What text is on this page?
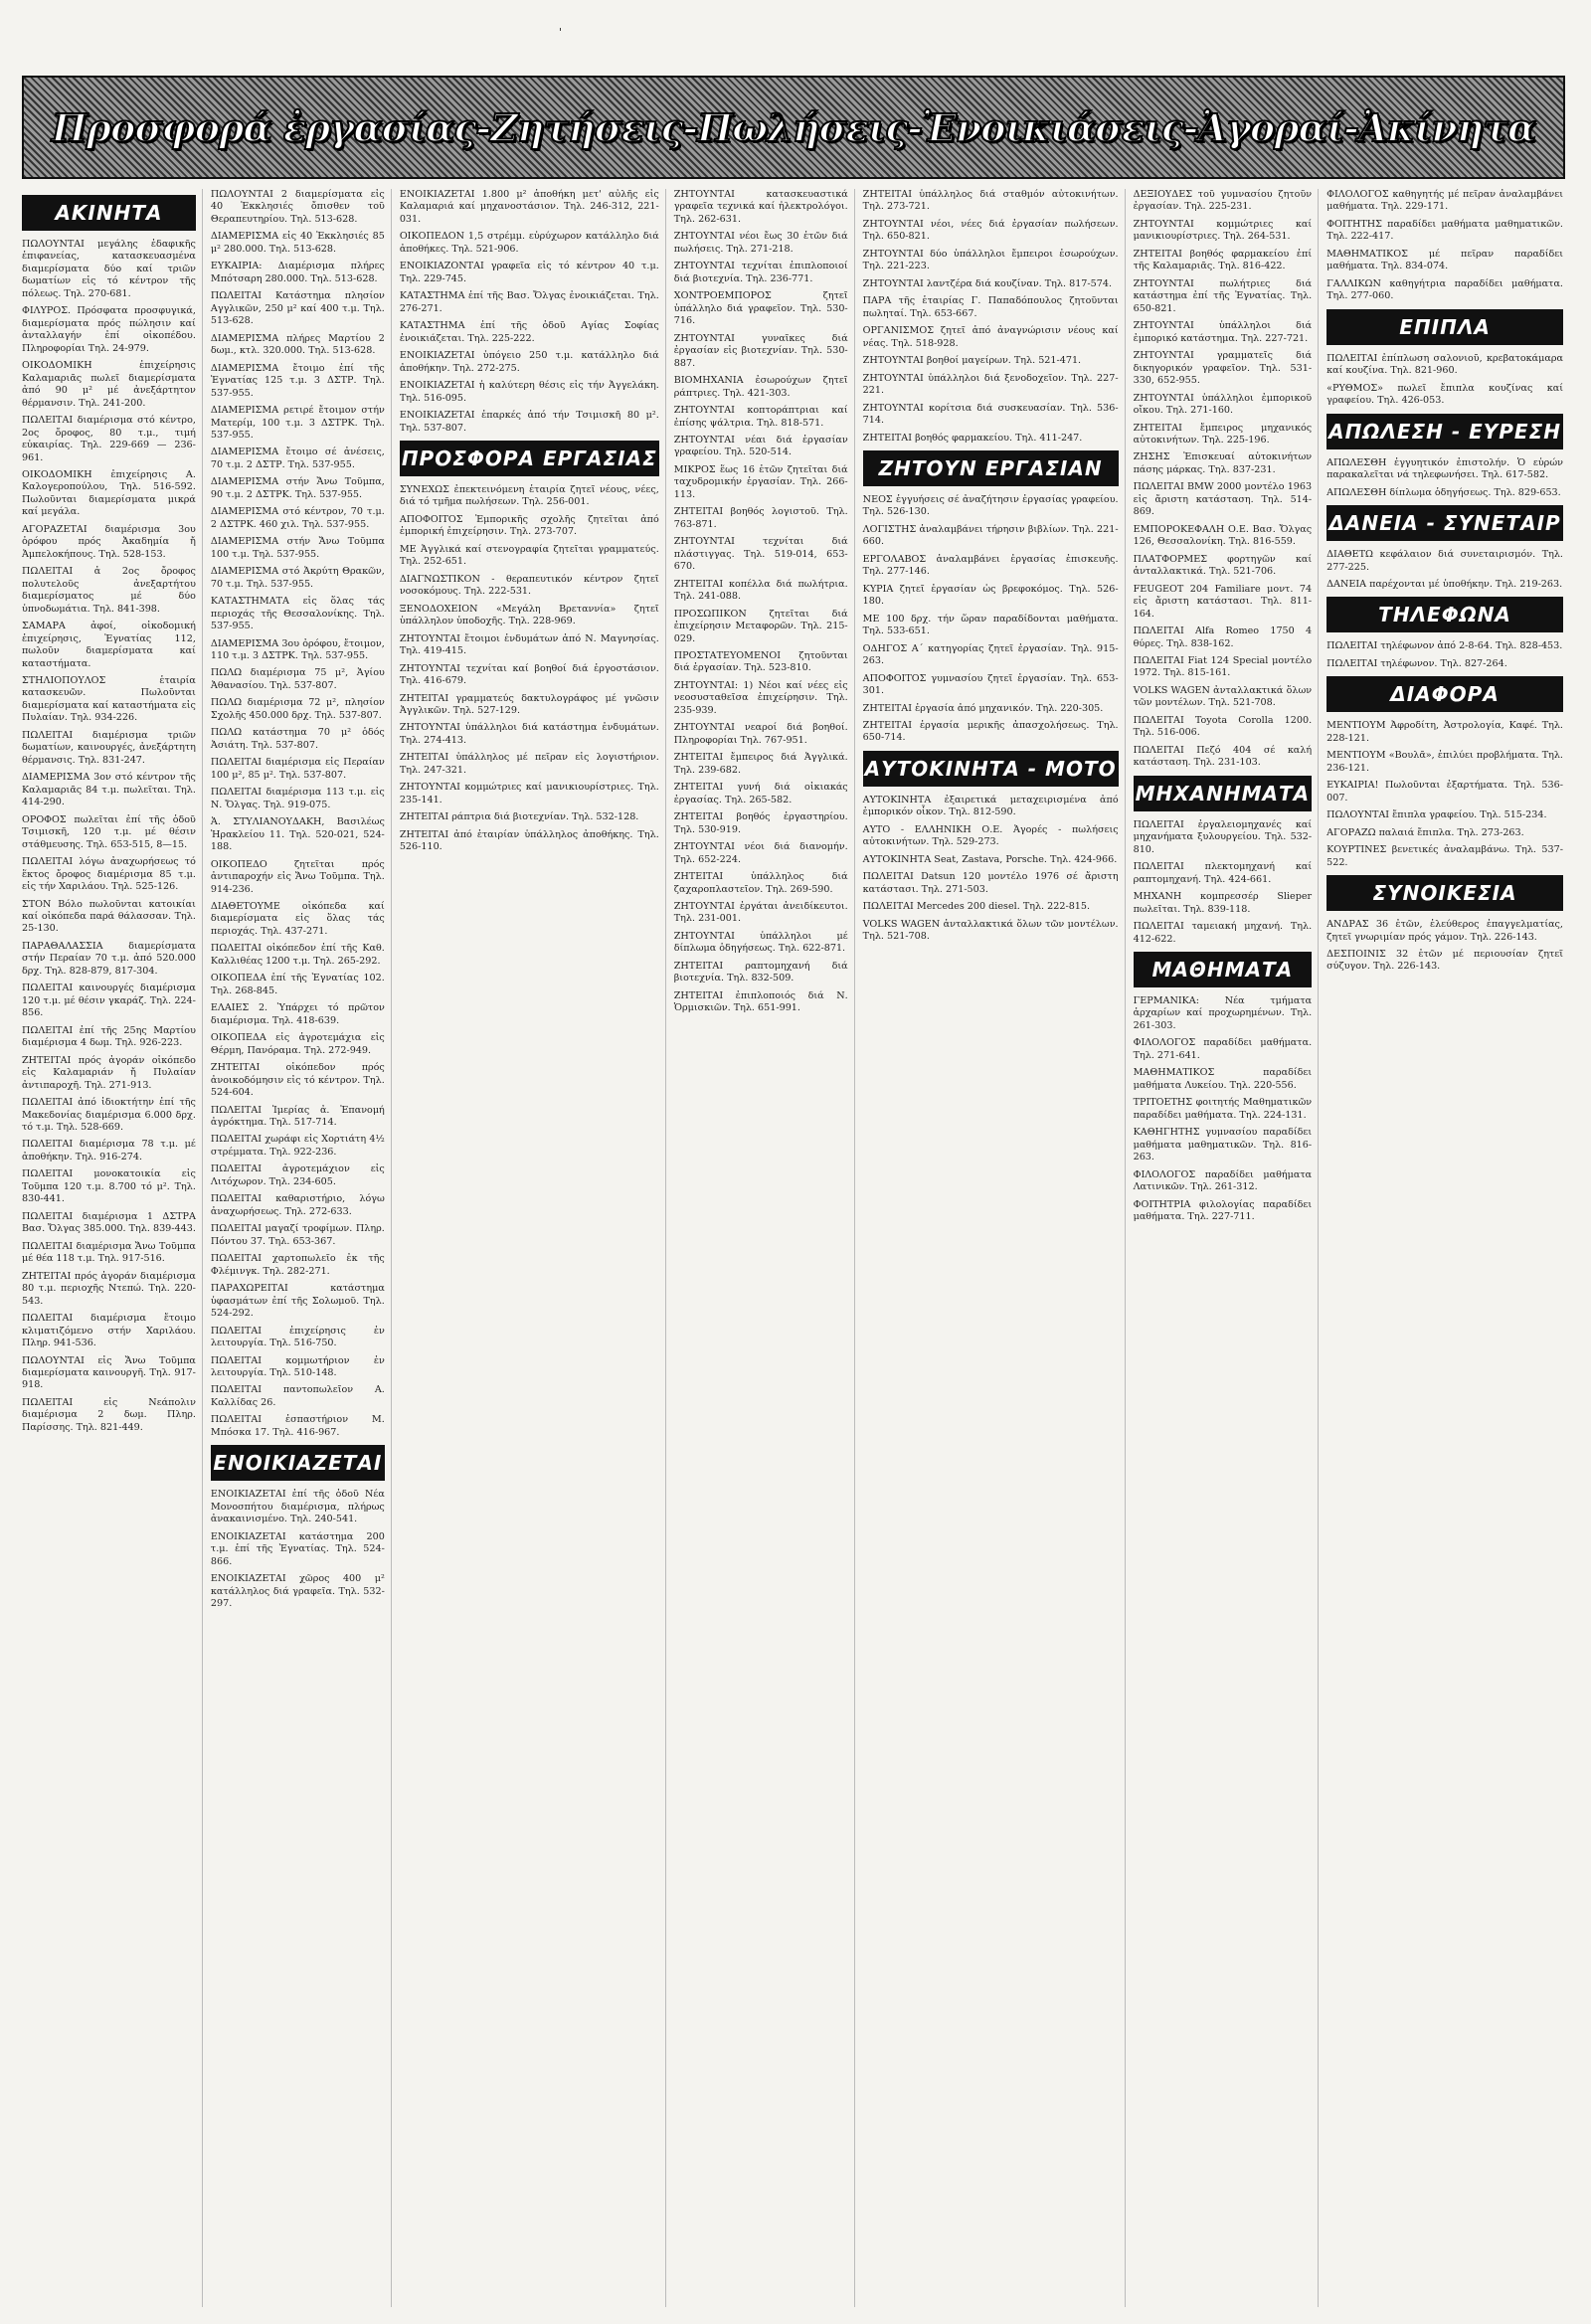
'
Προσφορά ἐργασίας-Ζητήσεις-Πωλήσεις-Ἐνοικιάσεις-Ἀγοραί-Ἀκίνητα
ΑΚΙΝΗΤΑ

ΠΩΛΟΥΝΤΑΙ μεγάλης ἐδαφικῆς ἐπιφανείας, κατασκευασμένα διαμερίσματα δύο καί τριῶν δωματίων εἰς τό κέντρον τῆς πόλεως. Τηλ. 270-681.

ΦΙΛΥΡΟΣ. Πρόσφατα προσφυγικά, διαμερίσματα πρός πώλησιν καί ἀνταλλαγήν ἐπί οἰκοπέδου. Πληροφορίαι Τηλ. 24-979.

ΟΙΚΟΔΟΜΙΚΗ ἐπιχείρησις Καλαμαριᾶς πωλεῖ διαμερίσματα ἀπό 90 μ² μέ ἀνεξάρτητον θέρμανσιν. Τηλ. 241-200.

ΠΩΛΕΙΤΑΙ διαμέρισμα στό κέντρο, 2ος ὄροφος, 80 τ.μ., τιμή εὐκαιρίας. Τηλ. 229-669 — 236-961.

ΟΙΚΟΔΟΜΙΚΗ ἐπιχείρησις Α. Καλογεροπούλου, Τηλ. 516-592. Πωλοῦνται διαμερίσματα μικρά καί μεγάλα.

ΑΓΟΡΑΖΕΤΑΙ διαμέρισμα 3ου ὀρόφου πρός Ἀκαδημία ἤ Ἀμπελοκήπους. Τηλ. 528-153.

ΠΩΛΕΙΤΑΙ ἀ 2ος ὄροφος πολυτελοῦς ἀνεξαρτήτου διαμερίσματος μέ δύο ὑπνοδωμάτια. Τηλ. 841-398.

ΣΑΜΑΡΑ ἀφοί, οἰκοδομική ἐπιχείρησις, Ἐγνατίας 112, πωλοῦν διαμερίσματα καί καταστήματα.

ΣΤΗΛΙΟΠΟΥΛΟΣ ἑταιρία κατασκευῶν. Πωλοῦνται διαμερίσματα καί καταστήματα εἰς Πυλαίαν. Τηλ. 934-226.

ΠΩΛΕΙΤΑΙ διαμέρισμα τριῶν δωματίων, καινουργές, ἀνεξάρτητη θέρμανσις. Τηλ. 831-247.

ΔΙΑΜΕΡΙΣΜΑ 3ον στό κέντρον τῆς Καλαμαριᾶς 84 τ.μ. πωλεῖται. Τηλ. 414-290.

ΟΡΟΦΟΣ πωλεῖται ἐπί τῆς ὁδοῦ Τσιμισκῆ, 120 τ.μ. μέ θέσιν στάθμευσης. Τηλ. 653-515, 8—15.

ΠΩΛΕΙΤΑΙ λόγω ἀναχωρήσεως τό ἕκτος ὄροφος διαμέρισμα 85 τ.μ. εἰς τήν Χαριλάου. Τηλ. 525-126.

ΣΤΟΝ Βόλο πωλοῦνται κατοικίαι καί οἰκόπεδα παρά θάλασσαν. Τηλ. 25-130.

ΠΑΡΑΘΑΛΑΣΣΙΑ διαμερίσματα στήν Περαίαν 70 τ.μ. ἀπό 520.000 δρχ. Τηλ. 828-879, 817-304.

ΠΩΛΕΙΤΑΙ καινουργές διαμέρισμα 120 τ.μ. μέ θέσιν γκαράζ. Τηλ. 224-856.

ΠΩΛΕΙΤΑΙ ἐπί τῆς 25ης Μαρτίου διαμέρισμα 4 δωμ. Τηλ. 926-223.

ΖΗΤΕΙΤΑΙ πρός ἀγοράν οἰκόπεδο εἰς Καλαμαριάν ἤ Πυλαίαν ἀντιπαροχῆ. Τηλ. 271-913.

ΠΩΛΕΙΤΑΙ ἀπό ἰδιοκτήτην ἐπί τῆς Μακεδονίας διαμέρισμα 6.000 δρχ. τό τ.μ. Τηλ. 528-669.

ΠΩΛΕΙΤΑΙ διαμέρισμα 78 τ.μ. μέ ἀποθήκην. Τηλ. 916-274.

ΠΩΛΕΙΤΑΙ μονοκατοικία εἰς Τοῦμπα 120 τ.μ. 8.700 τό μ². Τηλ. 830-441.

ΠΩΛΕΙΤΑΙ διαμέρισμα 1 ΔΣΤΡΑ Βασ. Ὄλγας 385.000. Τηλ. 839-443.

ΠΩΛΕΙΤΑΙ διαμέρισμα Ἄνω Τοῦμπα μέ θέα 118 τ.μ. Τηλ. 917-516.

ΖΗΤΕΙΤΑΙ πρός ἀγοράν διαμέρισμα 80 τ.μ. περιοχῆς Ντεπώ. Τηλ. 220-543.

ΠΩΛΕΙΤΑΙ διαμέρισμα ἔτοιμο κλιματιζόμενο στήν Χαριλάου. Πληρ. 941-536.

ΠΩΛΟΥΝΤΑΙ εἰς Ἄνω Τοῦμπα διαμερίσματα καινουργῆ. Τηλ. 917-918.

ΠΩΛΕΙΤΑΙ εἰς Νεάπολιν διαμέρισμα 2 δωμ. Πληρ. Παρίσσης. Τηλ. 821-449.

ΠΩΛΟΥΝΤΑΙ 2 διαμερίσματα εἰς 40 Ἐκκλησιές ὄπισθεν τοῦ Θεραπευτηρίου. Τηλ. 513-628.

ΔΙΑΜΕΡΙΣΜΑ εἰς 40 Ἐκκλησιές 85 μ² 280.000. Τηλ. 513-628.

ΕΥΚΑΙΡΙΑ: Διαμέρισμα πλήρες Μπότσαρη 280.000. Τηλ. 513-628.

ΠΩΛΕΙΤΑΙ Κατάστημα πλησίον Αγγλικῶν, 250 μ² καί 400 τ.μ. Τηλ. 513-628.

ΔΙΑΜΕΡΙΣΜΑ πλήρες Μαρτίου 2 δωμ., κτλ. 320.000. Τηλ. 513-628.

ΔΙΑΜΕΡΙΣΜΑ ἔτοιμο ἐπί τῆς Ἐγνατίας 125 τ.μ. 3 ΔΣΤΡ. Τηλ. 537-955.

ΔΙΑΜΕΡΙΣΜΑ ρετιρέ ἔτοιμον στήν Ματερίμ, 100 τ.μ. 3 ΔΣΤΡΚ. Τηλ. 537-955.

ΔΙΑΜΕΡΙΣΜΑ ἔτοιμο σέ ἀνέσεις, 70 τ.μ. 2 ΔΣΤΡ. Τηλ. 537-955.

ΔΙΑΜΕΡΙΣΜΑ στήν Ἄνω Τοῦμπα, 90 τ.μ. 2 ΔΣΤΡΚ. Τηλ. 537-955.

ΔΙΑΜΕΡΙΣΜΑ στό κέντρον, 70 τ.μ. 2 ΔΣΤΡΚ. 460 χιλ. Τηλ. 537-955.

ΔΙΑΜΕΡΙΣΜΑ στήν Ἄνω Τοῦμπα 100 τ.μ. Τηλ. 537-955.

ΔΙΑΜΕΡΙΣΜΑ στό Ἀκρύτη Θρακῶν, 70 τ.μ. Τηλ. 537-955.

ΚΑΤΑΣΤΗΜΑΤΑ εἰς ὅλας τάς περιοχάς τῆς Θεσσαλονίκης. Τηλ. 537-955.

ΔΙΑΜΕΡΙΣΜΑ 3ου ὀρόφου, ἔτοιμον, 110 τ.μ. 3 ΔΣΤΡΚ. Τηλ. 537-955.

ΠΩΛΩ διαμέρισμα 75 μ², Ἁγίου Ἀθανασίου. Τηλ. 537-807.

ΠΩΛΩ διαμέρισμα 72 μ², πλησίον Σχολῆς 450.000 δρχ. Τηλ. 537-807.

ΠΩΛΩ κατάστημα 70 μ² ὁδός Ἀσιάτη. Τηλ. 537-807.

ΠΩΛΕΙΤΑΙ διαμέρισμα εἰς Περαίαν 100 μ², 85 μ². Τηλ. 537-807.

ΠΩΛΕΙΤΑΙ διαμέρισμα 113 τ.μ. εἰς Ν. Ὄλγας. Τηλ. 919-075.

Ἁ. ΣΤΥΛΙΑΝΟΥΔΑΚΗ, Βασιλέως Ἡρακλείου 11. Τηλ. 520-021, 524-188.

ΟΙΚΟΠΕΔΟ ζητεῖται πρός ἀντιπαροχήν εἰς Ἄνω Τοῦμπα. Τηλ. 914-236.

ΔΙΑΘΕΤΟΥΜΕ οἰκόπεδα καί διαμερίσματα εἰς ὅλας τάς περιοχάς. Τηλ. 437-271.

ΠΩΛΕΙΤΑΙ οἰκόπεδον ἐπί τῆς Καθ. Καλλιθέας 1200 τ.μ. Τηλ. 265-292.

ΟΙΚΟΠΕΔΑ ἐπί τῆς Ἐγνατίας 102. Τηλ. 268-845.

ΕΛΑΙΕΣ 2. Ὑπάρχει τό πρῶτον διαμέρισμα. Τηλ. 418-639.

ΟΙΚΟΠΕΔΑ εἰς ἀγροτεμάχια εἰς Θέρμη, Πανόραμα. Τηλ. 272-949.

ΖΗΤΕΙΤΑΙ οἰκόπεδον πρός ἀνοικοδόμησιν εἰς τό κέντρον. Τηλ. 524-604.

ΠΩΛΕΙΤΑΙ Ἱμερίας ἀ. Ἐπανομή ἀγρόκτημα. Τηλ. 517-714.

ΠΩΛΕΙΤΑΙ χωράφι εἰς Χορτιάτη 4½ στρέμματα. Τηλ. 922-236.

ΠΩΛΕΙΤΑΙ ἀγροτεμάχιον εἰς Λιτόχωρον. Τηλ. 234-605.

ΠΩΛΕΙΤΑΙ καθαριστήριο, λόγω ἀναχωρήσεως. Τηλ. 272-633.

ΠΩΛΕΙΤΑΙ μαγαζί τροφίμων. Πληρ. Πόντου 37. Τηλ. 653-367.

ΠΩΛΕΙΤΑΙ χαρτοπωλεῖο ἐκ τῆς Φλέμινγκ. Τηλ. 282-271.

ΠΑΡΑΧΩΡΕΙΤΑΙ κατάστημα ὑφασμάτων ἐπί τῆς Σολωμοῦ. Τηλ. 524-292.

ΠΩΛΕΙΤΑΙ ἐπιχείρησις ἐν λειτουργία. Τηλ. 516-750.

ΠΩΛΕΙΤΑΙ κομμωτήριον ἐν λειτουργία. Τηλ. 510-148.

ΠΩΛΕΙΤΑΙ παντοπωλεῖον Α. Καλλίδας 26.

ΠΩΛΕΙΤΑΙ ἐσπαστήριον Μ. Μπόσκα 17. Τηλ. 416-967.

ΕΝΟΙΚΙΑΖΕΤΑΙ

ΕΝΟΙΚΙΑΖΕΤΑΙ ἐπί τῆς ὁδοῦ Νέα Μονοσπήτου διαμέρισμα, πλήρως ἀνακαινισμένο. Τηλ. 240-541.

ΕΝΟΙΚΙΑΖΕΤΑΙ κατάστημα 200 τ.μ. ἐπί τῆς Ἐγνατίας. Τηλ. 524-866.

ΕΝΟΙΚΙΑΖΕΤΑΙ χῶρος 400 μ² κατάλληλος διά γραφεῖα. Τηλ. 532-297.

ΕΝΟΙΚΙΑΖΕΤΑΙ 1.800 μ² ἀποθήκη μετ' αὐλῆς εἰς Καλαμαριά καί μηχανοστάσιον. Τηλ. 246-312, 221-031.

ΟΙΚΟΠΕΔΟΝ 1,5 στρέμμ. εὐρύχωρον κατάλληλο διά ἀποθήκες. Τηλ. 521-906.

ΕΝΟΙΚΙΑΖΟΝΤΑΙ γραφεῖα εἰς τό κέντρον 40 τ.μ. Τηλ. 229-745.

ΚΑΤΑΣΤΗΜΑ ἐπί τῆς Βασ. Ὄλγας ἐνοικιάζεται. Τηλ. 276-271.

ΚΑΤΑΣΤΗΜΑ ἐπί τῆς ὁδοῦ Αγίας Σοφίας ἐνοικιάζεται. Τηλ. 225-222.

ΕΝΟΙΚΙΑΖΕΤΑΙ ὑπόγειο 250 τ.μ. κατάλληλο διά ἀποθήκην. Τηλ. 272-275.

ΕΝΟΙΚΙΑΖΕΤΑΙ ἡ καλύτερη θέσις εἰς τήν Ἀγγελάκη. Τηλ. 516-095.

ΕΝΟΙΚΙΑΖΕΤΑΙ ἐπαρκές ἀπό τήν Τσιμισκῆ 80 μ². Τηλ. 537-807.

ΠΡΟΣΦΟΡΑ ΕΡΓΑΣΙΑΣ

ΣΥΝΕΧΩΣ ἐπεκτεινόμενη ἑταιρία ζητεῖ νέους, νέες, διά τό τμῆμα πωλήσεων. Τηλ. 256-001.

ΑΠΟΦΟΙΤΟΣ Ἐμπορικῆς σχολῆς ζητεῖται ἀπό ἐμπορική ἐπιχείρησιν. Τηλ. 273-707.

ΜΕ Ἀγγλικά καί στενογραφία ζητεῖται γραμματεύς. Τηλ. 252-651.

ΔΙΑΓΝΩΣΤΙΚΟΝ - θεραπευτικόν κέντρον ζητεῖ νοσοκόμους. Τηλ. 222-531.

ΞΕΝΟΔΟΧΕΙΟΝ «Μεγάλη Βρεταννία» ζητεῖ ὑπάλληλον ὑποδοχῆς. Τηλ. 228-969.

ΖΗΤΟΥΝΤΑΙ ἔτοιμοι ἐνδυμάτων ἀπό Ν. Μαγνησίας. Τηλ. 419-415.

ΖΗΤΟΥΝΤΑΙ τεχνίται καί βοηθοί διά ἐργοστάσιον. Τηλ. 416-679.

ΖΗΤΕΙΤΑΙ γραμματεύς δακτυλογράφος μέ γνῶσιν Ἀγγλικῶν. Τηλ. 527-129.

ΖΗΤΟΥΝΤΑΙ ὑπάλληλοι διά κατάστημα ἐνδυμάτων. Τηλ. 274-413.

ΖΗΤΕΙΤΑΙ ὑπάλληλος μέ πεῖραν εἰς λογιστήριον. Τηλ. 247-321.

ΖΗΤΟΥΝΤΑΙ κομμώτριες καί μανικιουρίστριες. Τηλ. 235-141.

ΖΗΤΕΙΤΑΙ ράπτρια διά βιοτεχνίαν. Τηλ. 532-128.

ΖΗΤΕΙΤΑΙ ἀπό ἑταιρίαν ὑπάλληλος ἀποθήκης. Τηλ. 526-110.

ΖΗΤΟΥΝΤΑΙ κατασκευαστικά γραφεῖα τεχνικά καί ἠλεκτρολόγοι. Τηλ. 262-631.

ΖΗΤΟΥΝΤΑΙ νέοι ἔως 30 ἐτῶν διά πωλήσεις. Τηλ. 271-218.

ΖΗΤΟΥΝΤΑΙ τεχνίται ἐπιπλοποιοί διά βιοτεχνία. Τηλ. 236-771.

ΧΟΝΤΡΟΕΜΠΟΡΟΣ ζητεῖ ὑπάλληλο διά γραφεῖον. Τηλ. 530-716.

ΖΗΤΟΥΝΤΑΙ γυναῖκες διά ἐργασίαν εἰς βιοτεχνίαν. Τηλ. 530-887.

ΒΙΟΜΗΧΑΝΙΑ ἐσωρούχων ζητεῖ ράπτριες. Τηλ. 421-303.

ΖΗΤΟΥΝΤΑΙ κοπτοράπτριαι καί ἐπίσης ψάλτρια. Τηλ. 818-571.

ΖΗΤΟΥΝΤΑΙ νέαι διά ἐργασίαν γραφείου. Τηλ. 520-514.

ΜΙΚΡΟΣ ἕως 16 ἐτῶν ζητεῖται διά ταχυδρομικήν ἐργασίαν. Τηλ. 266-113.

ΖΗΤΕΙΤΑΙ βοηθός λογιστοῦ. Τηλ. 763-871.

ΖΗΤΟΥΝΤΑΙ τεχνίται διά πλάστιγγας. Τηλ. 519-014, 653-670.

ΖΗΤΕΙΤΑΙ κοπέλλα διά πωλήτρια. Τηλ. 241-088.

ΠΡΟΣΩΠΙΚΟΝ ζητεῖται διά ἐπιχείρησιν Μεταφορῶν. Τηλ. 215-029.

ΠΡΟΣΤΑΤΕΥΟΜΕΝΟΙ ζητοῦνται διά ἐργασίαν. Τηλ. 523-810.

ΖΗΤΟΥΝΤΑΙ: 1) Νέοι καί νέες εἰς νεοσυσταθεῖσα ἐπιχείρησιν. Τηλ. 235-939.

ΖΗΤΟΥΝΤΑΙ νεαροί διά βοηθοί. Πληροφορίαι Τηλ. 767-951.

ΖΗΤΕΙΤΑΙ ἔμπειρος διά Ἀγγλικά. Τηλ. 239-682.

ΖΗΤΕΙΤΑΙ γυνή διά οἰκιακάς ἐργασίας. Τηλ. 265-582.

ΖΗΤΕΙΤΑΙ βοηθός ἐργαστηρίου. Τηλ. 530-919.

ΖΗΤΟΥΝΤΑΙ νέοι διά διανομήν. Τηλ. 652-224.

ΖΗΤΕΙΤΑΙ ὑπάλληλος διά ζαχαροπλαστεῖον. Τηλ. 269-590.

ΖΗΤΟΥΝΤΑΙ ἐργάται ἀνειδίκευτοι. Τηλ. 231-001.

ΖΗΤΟΥΝΤΑΙ ὑπάλληλοι μέ δίπλωμα ὁδηγήσεως. Τηλ. 622-871.

ΖΗΤΕΙΤΑΙ ραπτομηχανή διά βιοτεχνία. Τηλ. 832-509.

ΖΗΤΕΙΤΑΙ ἐπιπλοποιός διά Ν. Ὁρμισκιῶν. Τηλ. 651-991.

ΖΗΤΕΙΤΑΙ ὑπάλληλος διά σταθμόν αὐτοκινήτων. Τηλ. 273-721.

ΖΗΤΟΥΝΤΑΙ νέοι, νέες διά ἐργασίαν πωλήσεων. Τηλ. 650-821.

ΖΗΤΟΥΝΤΑΙ δύο ὑπάλληλοι ἔμπειροι ἐσωρούχων. Τηλ. 221-223.

ΖΗΤΟΥΝΤΑΙ λαντζέρα διά κουζίναν. Τηλ. 817-574.

ΠΑΡΑ τῆς ἑταιρίας Γ. Παπαδόπουλος ζητοῦνται πωληταί. Τηλ. 653-667.

ΟΡΓΑΝΙΣΜΟΣ ζητεῖ ἀπό ἀναγνώρισιν νέους καί νέας. Τηλ. 518-928.

ΖΗΤΟΥΝΤΑΙ βοηθοί μαγείρων. Τηλ. 521-471.

ΖΗΤΟΥΝΤΑΙ ὑπάλληλοι διά ξενοδοχεῖον. Τηλ. 227-221.

ΖΗΤΟΥΝΤΑΙ κορίτσια διά συσκευασίαν. Τηλ. 536-714.

ΖΗΤΕΙΤΑΙ βοηθός φαρμακείου. Τηλ. 411-247.

ΖΗΤΟΥΝ ΕΡΓΑΣΙΑΝ

ΝΕΟΣ ἐγγυήσεις σέ ἀναζήτησιν ἐργασίας γραφείου. Τηλ. 526-130.

ΛΟΓΙΣΤΗΣ ἀναλαμβάνει τήρησιν βιβλίων. Τηλ. 221-660.

ΕΡΓΟΛΑΒΟΣ ἀναλαμβάνει ἐργασίας ἐπισκευῆς. Τηλ. 277-146.

ΚΥΡΙΑ ζητεῖ ἐργασίαν ὡς βρεφοκόμος. Τηλ. 526-180.

ΜΕ 100 δρχ. τήν ὥραν παραδίδονται μαθήματα. Τηλ. 533-651.

ΟΔΗΓΟΣ Α΄ κατηγορίας ζητεῖ ἐργασίαν. Τηλ. 915-263.

ΑΠΟΦΟΙΤΟΣ γυμνασίου ζητεῖ ἐργασίαν. Τηλ. 653-301.

ΖΗΤΕΙΤΑΙ ἐργασία ἀπό μηχανικόν. Τηλ. 220-305.

ΖΗΤΕΙΤΑΙ ἐργασία μερικῆς ἀπασχολήσεως. Τηλ. 650-714.

ΑΥΤΟΚΙΝΗΤΑ - ΜΟΤΟ

ΑΥΤΟΚΙΝΗΤΑ ἐξαιρετικά μεταχειρισμένα ἀπό ἐμπορικόν οἶκον. Τηλ. 812-590.

ΑΥΤΟ - ΕΛΛΗΝΙΚΗ Ο.Ε. Ἀγορές - πωλήσεις αὐτοκινήτων. Τηλ. 529-273.

ΑΥΤΟΚΙΝΗΤΑ Seat, Zastava, Porsche. Τηλ. 424-966.

ΠΩΛΕΙΤΑΙ Datsun 120 μοντέλο 1976 σέ ἄριστη κατάστασι. Τηλ. 271-503.

ΠΩΛΕΙΤΑΙ Mercedes 200 diesel. Τηλ. 222-815.

VOLKS WAGEN ἀνταλλακτικά ὅλων τῶν μοντέλων. Τηλ. 521-708.

ΔΕΞΙΟΥΔΕΣ τοῦ γυμνασίου ζητοῦν ἐργασίαν. Τηλ. 225-231.

ΖΗΤΟΥΝΤΑΙ κομμώτριες καί μανικιουρίστριες. Τηλ. 264-531.

ΖΗΤΕΙΤΑΙ βοηθός φαρμακείου ἐπί τῆς Καλαμαριᾶς. Τηλ. 816-422.

ΖΗΤΟΥΝΤΑΙ πωλήτριες διά κατάστημα ἐπί τῆς Ἐγνατίας. Τηλ. 650-821.

ΖΗΤΟΥΝΤΑΙ ὑπάλληλοι διά ἐμπορικό κατάστημα. Τηλ. 227-721.

ΖΗΤΟΥΝΤΑΙ γραμματεῖς διά δικηγορικόν γραφεῖον. Τηλ. 531-330, 652-955.

ΖΗΤΟΥΝΤΑΙ ὑπάλληλοι ἐμπορικοῦ οἴκου. Τηλ. 271-160.

ΖΗΤΕΙΤΑΙ ἔμπειρος μηχανικός αὐτοκινήτων. Τηλ. 225-196.

ΖΗΣΗΣ Ἐπισκευαί αὐτοκινήτων πάσης μάρκας. Τηλ. 837-231.

ΠΩΛΕΙΤΑΙ BMW 2000 μοντέλο 1963 εἰς ἄριστη κατάσταση. Τηλ. 514-869.

ΕΜΠΟΡΟΚΕΦΑΛΗ Ο.Ε. Βασ. Ὄλγας 126, Θεσσαλονίκη. Τηλ. 816-559.

ΠΛΑΤΦΟΡΜΕΣ φορτηγῶν καί ἀνταλλακτικά. Τηλ. 521-706.

FEUGEOT 204 Familiare μοντ. 74 εἰς ἄριστη κατάστασι. Τηλ. 811-164.

ΠΩΛΕΙΤΑΙ Alfa Romeo 1750 4 θύρες. Τηλ. 838-162.

ΠΩΛΕΙΤΑΙ Fiat 124 Special μοντέλο 1972. Τηλ. 815-161.

VOLKS WAGEN ἀνταλλακτικά ὅλων τῶν μοντέλων. Τηλ. 521-708.

ΠΩΛΕΙΤΑΙ Toyota Corolla 1200. Τηλ. 516-006.

ΠΩΛΕΙΤΑΙ Πεζό 404 σέ καλή κατάσταση. Τηλ. 231-103.

ΜΗΧΑΝΗΜΑΤΑ

ΠΩΛΕΙΤΑΙ ἐργαλειομηχανές καί μηχανήματα ξυλουργείου. Τηλ. 532-810.

ΠΩΛΕΙΤΑΙ πλεκτομηχανή καί ραπτομηχανή. Τηλ. 424-661.

ΜΗΧΑΝΗ κομπρεσσέρ Slieper πωλεῖται. Τηλ. 839-118.

ΠΩΛΕΙΤΑΙ ταμειακή μηχανή. Τηλ. 412-622.

ΜΑΘΗΜΑΤΑ

ΓΕΡΜΑΝΙΚΑ: Νέα τμήματα ἀρχαρίων καί προχωρημένων. Τηλ. 261-303.

ΦΙΛΟΛΟΓΟΣ παραδίδει μαθήματα. Τηλ. 271-641.

ΜΑΘΗΜΑΤΙΚΟΣ παραδίδει μαθήματα Λυκείου. Τηλ. 220-556.

ΤΡΙΤΟΕΤΗΣ φοιτητής Μαθηματικῶν παραδίδει μαθήματα. Τηλ. 224-131.

ΚΑΘΗΓΗΤΗΣ γυμνασίου παραδίδει μαθήματα μαθηματικῶν. Τηλ. 816-263.

ΦΙΛΟΛΟΓΟΣ παραδίδει μαθήματα Λατινικῶν. Τηλ. 261-312.

ΦΟΙΤΗΤΡΙΑ φιλολογίας παραδίδει μαθήματα. Τηλ. 227-711.

ΦΙΛΟΛΟΓΟΣ καθηγητής μέ πεῖραν ἀναλαμβάνει μαθήματα. Τηλ. 229-171.

ΦΟΙΤΗΤΗΣ παραδίδει μαθήματα μαθηματικῶν. Τηλ. 222-417.

ΜΑΘΗΜΑΤΙΚΟΣ μέ πεῖραν παραδίδει μαθήματα. Τηλ. 834-074.

ΓΑΛΛΙΚΩΝ καθηγήτρια παραδίδει μαθήματα. Τηλ. 277-060.

ΕΠΙΠΛΑ

ΠΩΛΕΙΤΑΙ ἐπίπλωση σαλονιοῦ, κρεβατοκάμαρα καί κουζίνα. Τηλ. 821-960.

«ΡΥΘΜΟΣ» πωλεῖ ἔπιπλα κουζίνας καί γραφείου. Τηλ. 426-053.

ΑΠΩΛΕΣΗ - ΕΥΡΕΣΗ

ΑΠΩΛΕΣΘΗ ἐγγυητικόν ἐπιστολήν. Ὁ εὑρών παρακαλεῖται νά τηλεφωνήσει. Τηλ. 617-582.

ΑΠΩΛΕΣΘΗ δίπλωμα ὁδηγήσεως. Τηλ. 829-653.

ΔΑΝΕΙΑ - ΣΥΝΕΤΑΙΡ

ΔΙΑΘΕΤΩ κεφάλαιον διά συνεταιρισμόν. Τηλ. 277-225.

ΔΑΝΕΙΑ παρέχονται μέ ὑποθήκην. Τηλ. 219-263.

ΤΗΛΕΦΩΝΑ

ΠΩΛΕΙΤΑΙ τηλέφωνον ἀπό 2-8-64. Τηλ. 828-453.

ΠΩΛΕΙΤΑΙ τηλέφωνον. Τηλ. 827-264.

ΔΙΑΦΟΡΑ

ΜΕΝΤΙΟΥΜ Ἀφροδίτη, Ἀστρολογία, Καφέ. Τηλ. 228-121.

ΜΕΝΤΙΟΥΜ «Βουλᾶ», ἐπιλύει προβλήματα. Τηλ. 236-121.

ΕΥΚΑΙΡΙΑ! Πωλοῦνται ἐξαρτήματα. Τηλ. 536-007.

ΠΩΛΟΥΝΤΑΙ ἔπιπλα γραφείου. Τηλ. 515-234.

ΑΓΟΡΑΖΩ παλαιά ἔπιπλα. Τηλ. 273-263.

ΚΟΥΡΤΙΝΕΣ βενετικές ἀναλαμβάνω. Τηλ. 537-522.

ΣΥΝΟΙΚΕΣΙΑ

ΑΝΔΡΑΣ 36 ἐτῶν, ἐλεύθερος ἐπαγγελματίας, ζητεῖ γνωριμίαν πρός γάμον. Τηλ. 226-143.

ΔΕΣΠΟΙΝΙΣ 32 ἐτῶν μέ περιουσίαν ζητεῖ σύζυγον. Τηλ. 226-143.
